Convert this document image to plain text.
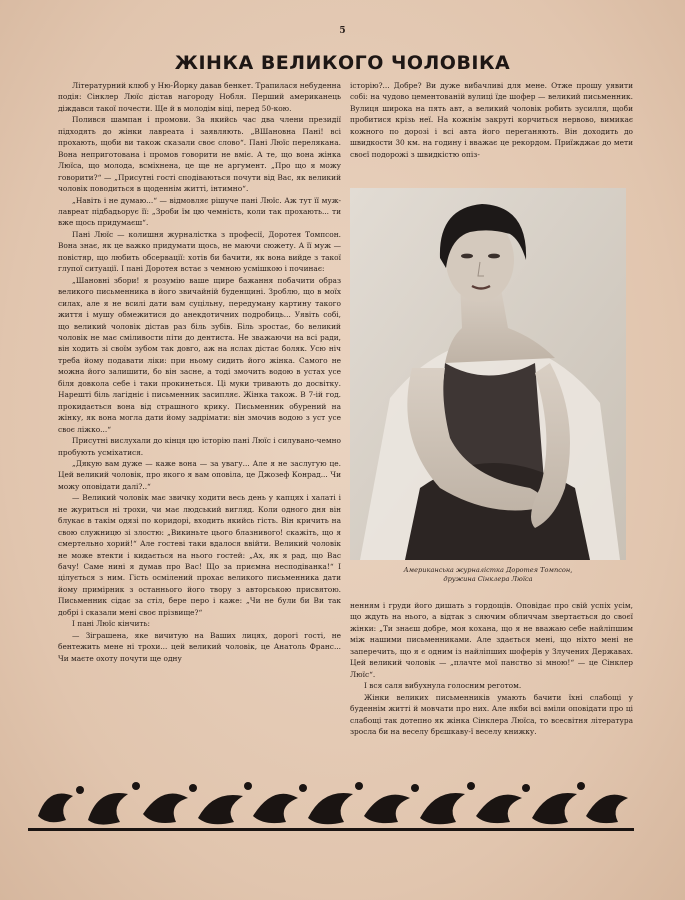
5
ЖІНКА ВЕЛИКОГО ЧОЛОВІКА

Літературний клюб у Ню-Йорку давав бенкет. Трапилася небуденна подія: Сінклер Люїс дістав нагороду Нобля. Перший американець діждався такої почести. Ще й в молодім віці, перед 50-кою.

Полився шампан і промови. За якийсь час два члени президії підходять до жінки лавреата і заявляють. „ВШановна Пані! всі прохають, щоби ви також сказали своє слово“. Пані Люїс перелякана. Вона неприготована і промов говорити не вміє. А те, що вона жінка Люїса, що молода, всміхнена, це ще не аргумент. „Про що я можу говорити?“ — „Присутні гості сподіваються почути від Вас, як великий чоловік поводиться в щоденнім житті, інтимно“.

„Навіть і не думаю...“ — відмовляє рішуче пані Люїс. Аж тут її муж-лавреат підбадьорує її: „Зроби їм цю чемність, коли так прохають... ти вже щось придумаєш“.

Пані Люїс — колишня журналістка з професії, Доротея Томпсон. Вона знає, як це важко придумати щось, не маючи сюжету. А її муж — повістяр, що любить обсервації: хотів би бачити, як вона вийде з такої глупої ситуації. І пані Доротея встає з чемною усмішкою і починає:

„Шановні збори! я розумію ваше щире бажання побачити образ великого письменника в його звичайній буденщині. Зроблю, що в моїх силах, але я не всилі дати вам суцільну, передуману картину такого життя і мушу обмежитися до анекдотичних подробиць... Уявіть собі, що великий чоловік дістав раз біль зубів. Біль зростає, бо великий чоловік не має сміливости піти до дентиста. Не зважаючи на всі ради, він ходить зі своїм зубом так довго, аж на яслах дістає боляк. Усю ніч треба йому подавати ліки: при ньому сидить його жінка. Самого не можна його залишити, бо він засне, а тоді змочить водою в устах усе біля довкола себе і таки прокинеться. Ці муки тривають до досвітку. Нарешті біль лагідніє і письменник засипляє. Жінка також. В 7-ій год. прокидається вона від страшного крику. Письменник обурений на жінку, як вона могла дати йому задрімати: він змочив водою з уст усе своє ліжко...“

Присутні вислухали до кінця цю історію пані Люїс і силувано-чемно пробують усміхатися.

„Дякую вам дуже — каже вона — за увагу... Але я не заслугую це. Цей великий чоловік, про якого я вам оповіла, це Джозеф Конрад... Чи можу оповідати далі?..“

— Великий чоловік має звичку ходити весь день у капцях і халаті і не журиться ні трохи, чи має людський вигляд. Коли одного дня він блукає в такім одязі по коридорі, входить якийсь гість. Він кричить на свою служницю зі злостю: „Викиньте цього блазнивого! скажіть, що я смертельно хорий!“ Але гостеві таки вдалося ввійти. Великий чоловік не може втекти і кидається на нього гостей: „Ах, як я рад, що Вас бачу! Саме нині я думав про Вас! Що за приємна несподіванка!“ І цілується з ним. Гість осмілений прохає великого письменника дати йому примірник з останнього його твору з авторською присвятою. Письменник сідає за стіл, бере перо і каже: „Чи не були би Ви так добрі і сказали мені своє прізвище?“

І пані Люїс кінчить:

— Зіграшена, яке вичитую на Ваших лицях, дорогі гості, не бентежить мене ні трохи... цей великий чоловік, це Анатоль Франс... Чи маєте охоту почути ще одну

історію?... Добре? Ви дуже вибачливі для мене. Отже прошу уявити собі: на чудово цементованій вулиці їде шофер — великий письменник. Вулиця широка на пять авт, а великий чоловік робить зусилля, щоби пробитися крізь неї. На кожнім закруті корчиться нервово, вимикає кожного по дорозі і всі авта його переганяють. Він доходить до швидкости 30 км. на годину і вважає це рекордом. Приїжджає до мети своєї подорожі з швидкістю опіз-

Американська журналістка Доротея Томпсон,
дружина Сінклера Люїса

ненням і груди його дишать з гордощів. Оповідає про свій успіх усім, що ждуть на нього, а відтак з сяючим обличчам звертається до своєї жінки: „Ти знаєш добре, моя кохана, що я не вважаю себе найліпшим між нашими письменниками. Але здається мені, що ніхто мені не заперечить, що я є одним із найліпших шоферів у Злучених Державах. Цей великий чоловік — „плачте мої панство зі мною!“ — це Сінклер Люїс“.

І вся саля вибухнула голосним реготом.

Жінки великих письменників умають бачити їхні слабощі у буденнім житті й мовчати про них. Але якби всі вміли оповідати про ці слабощі так дотепно як жінка Сінклера Люїса, то всесвітня література зросла би на веселу брєшкаву-ї веселу книжку.
